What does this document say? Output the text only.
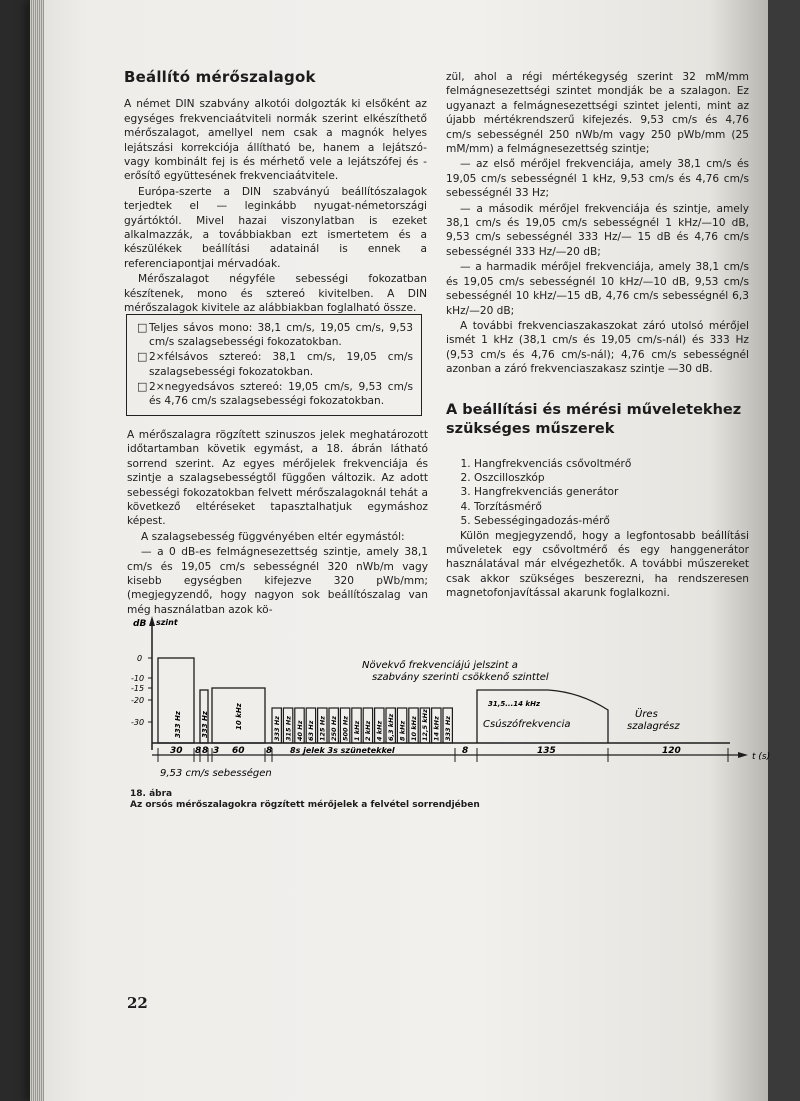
Beállító mérőszalagok

A német DIN szabvány alkotói dolgozták ki elsőként az egységes frekvenciaátviteli normák szerint elkészíthető mérőszalagot, amellyel nem csak a magnók helyes lejátszási korrekciója állítható be, hanem a lejátszó- vagy kombinált fej is és mérhető vele a lejátszófej és -erősítő együttesének frekvenciaátvitele.

Európa-szerte a DIN szabványú beállítószalagok terjedtek el — leginkább nyugat-németországi gyártóktól. Mivel hazai viszonylatban is ezeket alkalmazzák, a továbbiakban ezt ismertetem és a készülékek beállítási adatainál is ennek a referenciapontjai mérvadóak.

Mérőszalagot négyféle sebességi fokozatban készítenek, mono és sztereó kivitelben. A DIN mérőszalagok kivitele az alábbiakban foglalható össze.

□ Teljes sávos mono: 38,1 cm/s, 19,05 cm/s, 9,53 cm/s szalagsebességi fokozatokban.
□ 2×félsávos sztereó: 38,1 cm/s, 19,05 cm/s szalagsebességi fokozatokban.
□ 2×negyedsávos sztereó: 19,05 cm/s, 9,53 cm/s és 4,76 cm/s szalagsebességi fokozatokban.

A mérőszalagra rögzített szinuszos jelek meghatározott időtartamban követik egymást, a 18. ábrán látható sorrend szerint. Az egyes mérőjelek frekvenciája és szintje a szalagsebességtől függően változik. Az adott sebességi fokozatokban felvett mérőszalagoknál tehát a következő eltéréseket tapasztalhatjuk egymáshoz képest.

A szalagsebesség függvényében eltér egymástól:

— a 0 dB-es felmágnesezettség szintje, amely 38,1 cm/s és 19,05 cm/s sebességnél 320 nWb/m vagy kisebb egységben kifejezve 320 pWb/mm; (megjegyzendő, hogy nagyon sok beállítószalag van még használatban azok kö-

zül, ahol a régi mértékegység szerint 32 mM/mm felmágnesezettségi szintet mondják be a szalagon. Ez ugyanazt a felmágnesezettségi szintet jelenti, mint az újabb mértékrendszerű kifejezés. 9,53 cm/s és 4,76 cm/s sebességnél 250 nWb/m vagy 250 pWb/mm (25 mM/mm) a felmágnesezettség szintje;

— az első mérőjel frekvenciája, amely 38,1 cm/s és 19,05 cm/s sebességnél 1 kHz, 9,53 cm/s és 4,76 cm/s sebességnél 33 Hz;

— a második mérőjel frekvenciája és szintje, amely 38,1 cm/s és 19,05 cm/s sebességnél 1 kHz/—10 dB, 9,53 cm/s sebességnél 333 Hz/— 15 dB és 4,76 cm/s sebességnél 333 Hz/—20 dB;

— a harmadik mérőjel frekvenciája, amely 38,1 cm/s és 19,05 cm/s sebességnél 10 kHz/—10 dB, 9,53 cm/s sebességnél 10 kHz/—15 dB, 4,76 cm/s sebességnél 6,3 kHz/—20 dB;

A további frekvenciaszakaszokat záró utolsó mérőjel ismét 1 kHz (38,1 cm/s és 19,05 cm/s-nál) és 333 Hz (9,53 cm/s és 4,76 cm/s-nál); 4,76 cm/s sebességnél azonban a záró frekvenciaszakasz szintje —30 dB.

A beállítási és mérési műveletekhez szükséges műszerek
1. Hangfrekvenciás csővoltmérő
2. Oszcilloszkóp
3. Hangfrekvenciás generátor
4. Torzításmérő
5. Sebességingadozás-mérő

Külön megjegyzendő, hogy a legfontosabb beállítási műveletek egy csővoltmérő és egy hanggenerátor használatával már elvégezhetők. A további műszereket csak akkor szükséges beszerezni, ha rendszeresen magnetofonjavítással akarunk foglalkozni.

dB szint
0
-10
-15
-20
-30	333 Hz	333 Hz	10 kHz	333 Hz 315 Hz 40 Hz 63 Hz 125 Hz 250 Hz 500 Hz 1 kHz 2 kHz 4 kHz 6,3 kHz 8 kHz 10 kHz 12,5 kHz 14 kHz 333 Hz
31,5...14 kHz
Csúszófrekvencia
Növekvő frekvenciájú jelszint a
szabvány szerinti csökkenő szinttel
Üres
szalagrész
t (s)
30 8 8 3 60 8 8s jelek 3s szünetekkel	8	135	120
9,53 cm/s sebességen
18. ábra
Az orsós mérőszalagokra rögzített mérőjelek a felvétel sorrendjében
22
